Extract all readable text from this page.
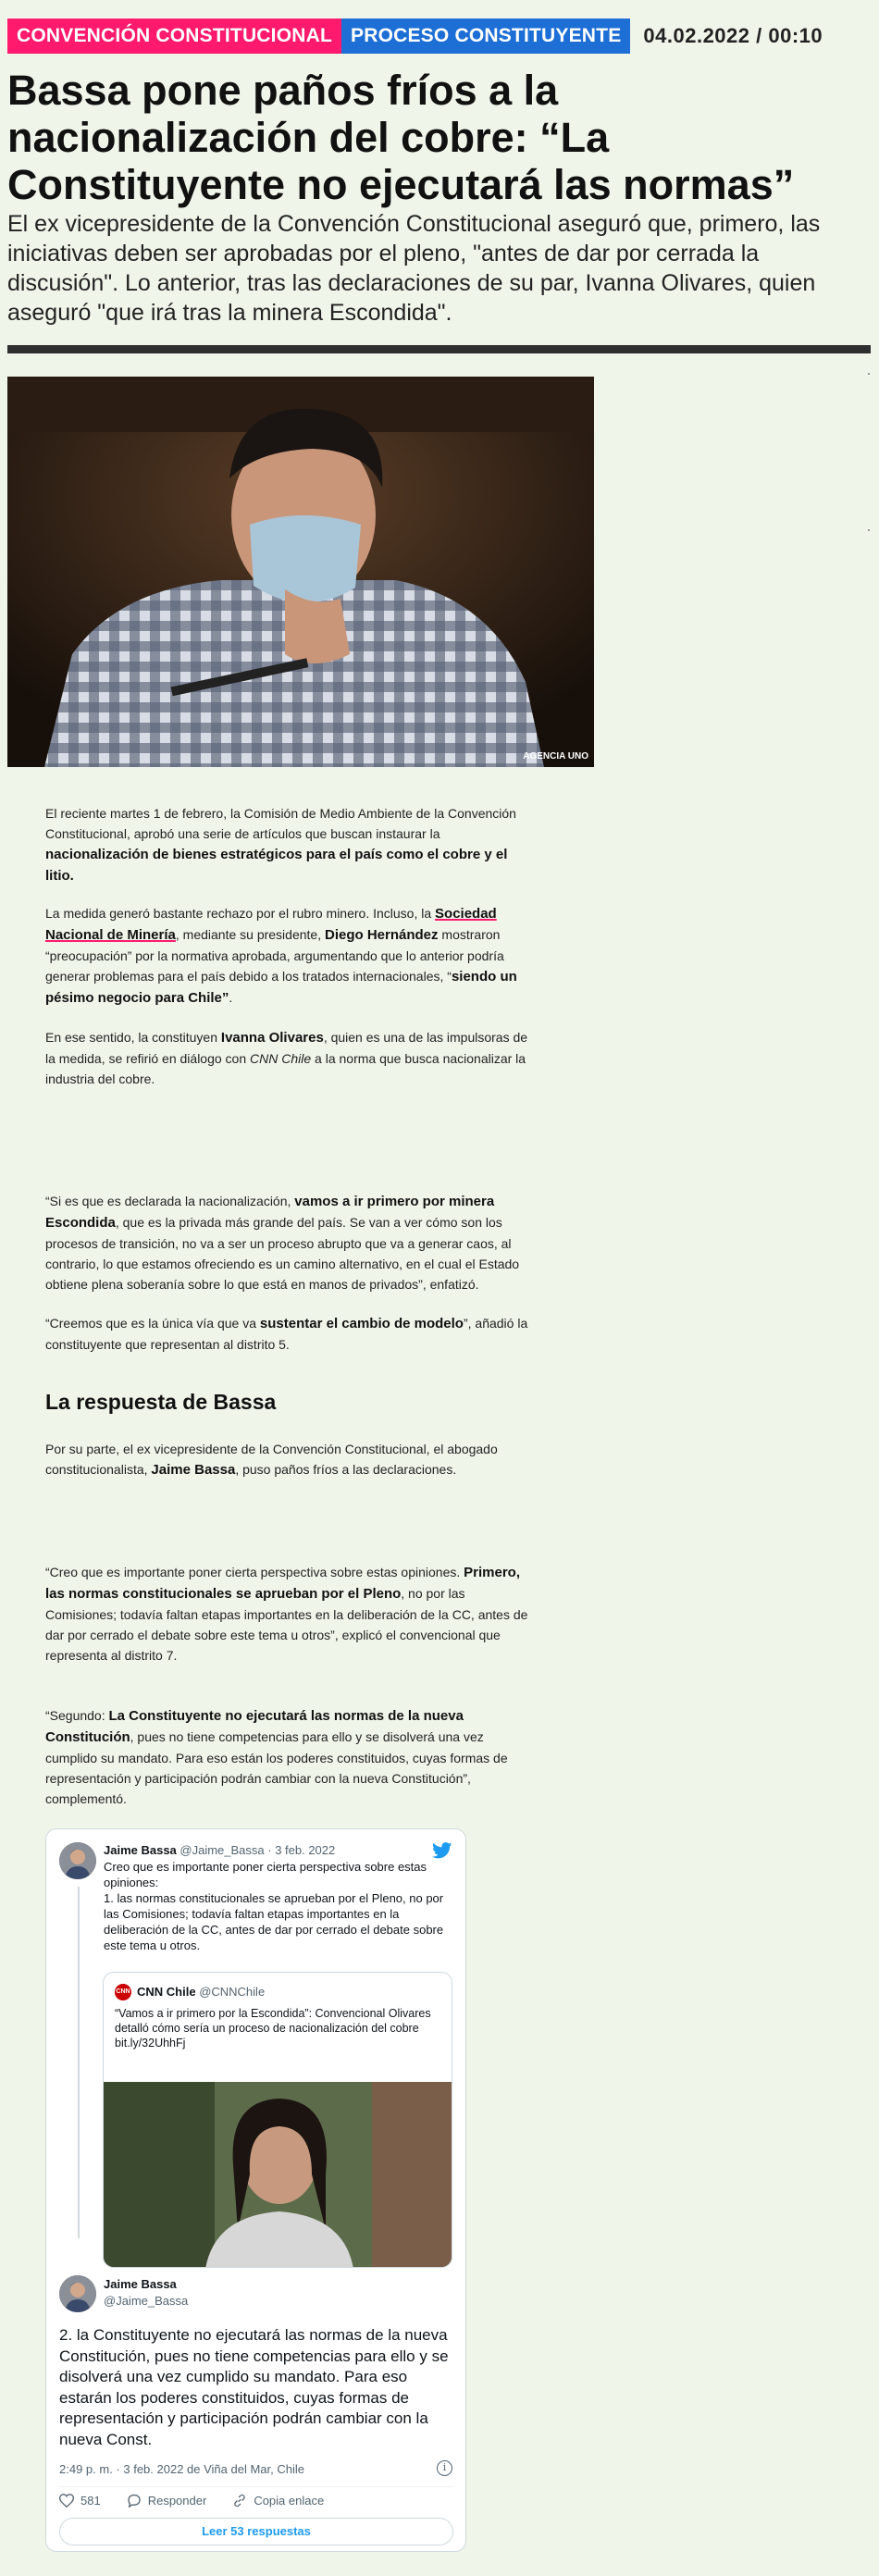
CONVENCIÓN CONSTITUCIONAL PROCESO CONSTITUYENTE	04.02.2022 / 00:10
Bassa pone paños fríos a la nacionalización del cobre: “La Constituyente no ejecutará las normas”

El ex vicepresidente de la Convención Constitucional aseguró que, primero, las iniciativas deben ser aprobadas por el pleno, "antes de dar por cerrada la discusión". Lo anterior, tras las declaraciones de su par, Ivanna Olivares, quien aseguró "que irá tras la minera Escondida".

AGENCIA UNO

El reciente martes 1 de febrero, la Comisión de Medio Ambiente de la Convención Constitucional, aprobó una serie de artículos que buscan instaurar la nacionalización de bienes estratégicos para el país como el cobre y el litio.

La medida generó bastante rechazo por el rubro minero. Incluso, la Sociedad Nacional de Minería, mediante su presidente, Diego Hernández mostraron “preocupación” por la normativa aprobada, argumentando que lo anterior podría generar problemas para el país debido a los tratados internacionales, “siendo un pésimo negocio para Chile”.

En ese sentido, la constituyen Ivanna Olivares, quien es una de las impulsoras de la medida, se refirió en diálogo con CNN Chile a la norma que busca nacionalizar la industria del cobre.

“Si es que es declarada la nacionalización, vamos a ir primero por minera Escondida, que es la privada más grande del país. Se van a ver cómo son los procesos de transición, no va a ser un proceso abrupto que va a generar caos, al contrario, lo que estamos ofreciendo es un camino alternativo, en el cual el Estado obtiene plena soberanía sobre lo que está en manos de privados”, enfatizó.

“Creemos que es la única vía que va sustentar el cambio de modelo”, añadió la constituyente que representan al distrito 5.

La respuesta de Bassa

Por su parte, el ex vicepresidente de la Convención Constitucional, el abogado constitucionalista, Jaime Bassa, puso paños fríos a las declaraciones.

“Creo que es importante poner cierta perspectiva sobre estas opiniones. Primero, las normas constitucionales se aprueban por el Pleno, no por las Comisiones; todavía faltan etapas importantes en la deliberación de la CC, antes de dar por cerrado el debate sobre este tema u otros”, explicó el convencional que representa al distrito 7.

“Segundo: La Constituyente no ejecutará las normas de la nueva Constitución, pues no tiene competencias para ello y se disolverá una vez cumplido su mandato. Para eso están los poderes constituidos, cuyas formas de representación y participación podrán cambiar con la nueva Constitución”, complementó.

Jaime Bassa @Jaime_Bassa · 3 feb. 2022

Creo que es importante poner cierta perspectiva sobre estas opiniones:
1. las normas constitucionales se aprueban por el Pleno, no por las Comisiones; todavía faltan etapas importantes en la deliberación de la CC, antes de dar por cerrado el debate sobre este tema u otros.

CNN CNN Chile @CNNChile

“Vamos a ir primero por la Escondida”: Convencional Olivares detalló cómo sería un proceso de nacionalización del cobre
bit.ly/32UhhFj

Jaime Bassa
@Jaime_Bassa

2. la Constituyente no ejecutará las normas de la nueva Constitución, pues no tiene competencias para ello y se disolverá una vez cumplido su mandato. Para eso estarán los poderes constituidos, cuyas formas de representación y participación podrán cambiar con la nueva Const.

2:49 p. m. · 3 feb. 2022 de Viña del Mar, Chile	i
581	Responder	Copia enlace
Leer 53 respuestas
